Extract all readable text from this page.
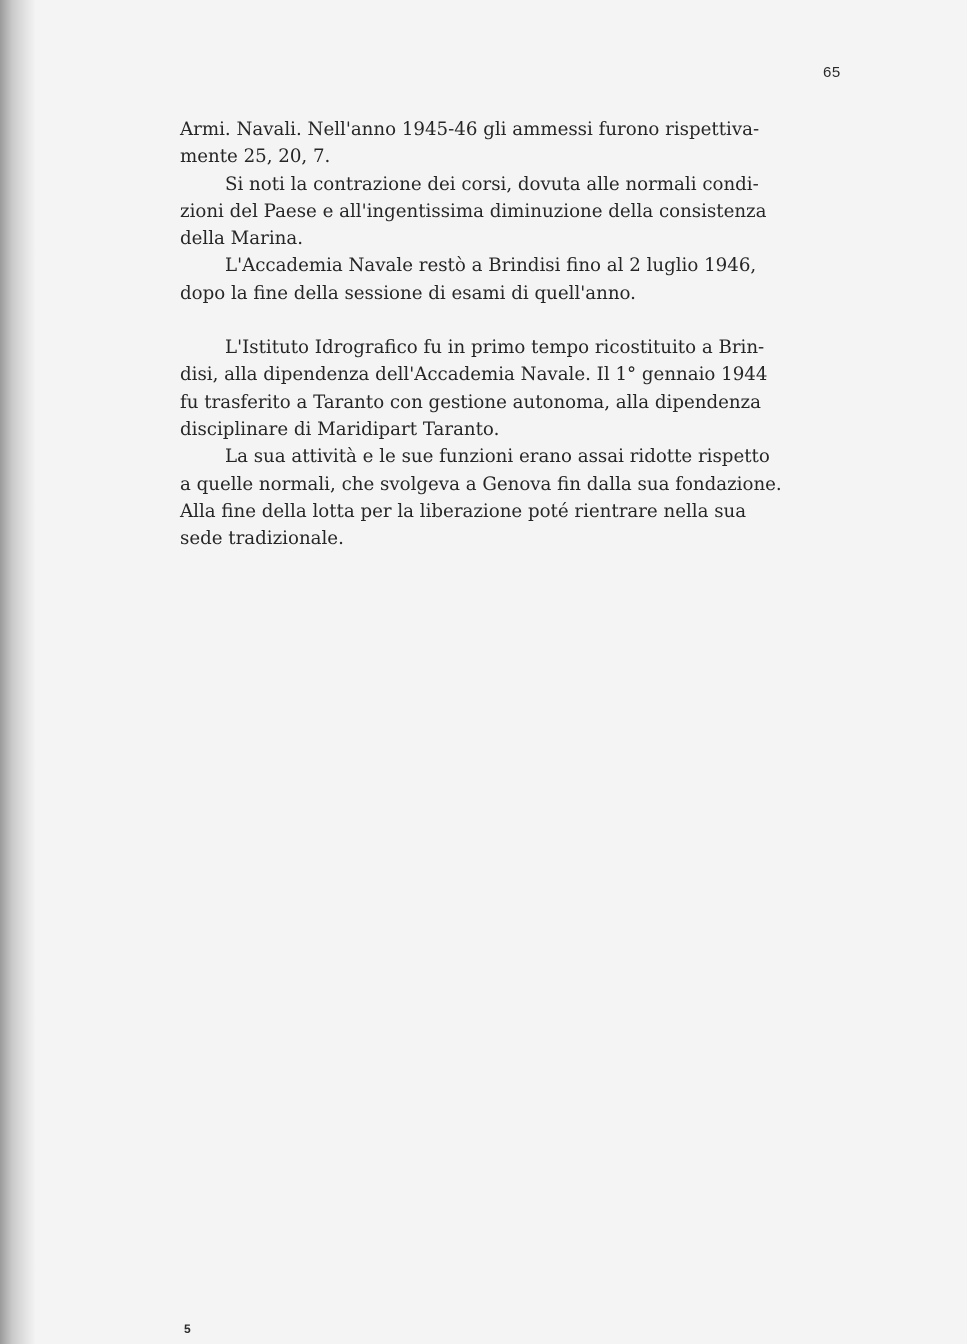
65

Armi. Navali. Nell'anno 1945-46 gli ammessi furono rispettiva-
mente 25, 20, 7.

Si noti la contrazione dei corsi, dovuta alle normali condi-
zioni del Paese e all'ingentissima diminuzione della consistenza
della Marina.

L'Accademia Navale restò a Brindisi fino al 2 luglio 1946,
dopo la fine della sessione di esami di quell'anno.

L'Istituto Idrografico fu in primo tempo ricostituito a Brin-
disi, alla dipendenza dell'Accademia Navale. Il 1° gennaio 1944
fu trasferito a Taranto con gestione autonoma, alla dipendenza
disciplinare di Maridipart Taranto.

La sua attività e le sue funzioni erano assai ridotte rispetto
a quelle normali, che svolgeva a Genova fin dalla sua fondazione.
Alla fine della lotta per la liberazione poté rientrare nella sua
sede tradizionale.

5
